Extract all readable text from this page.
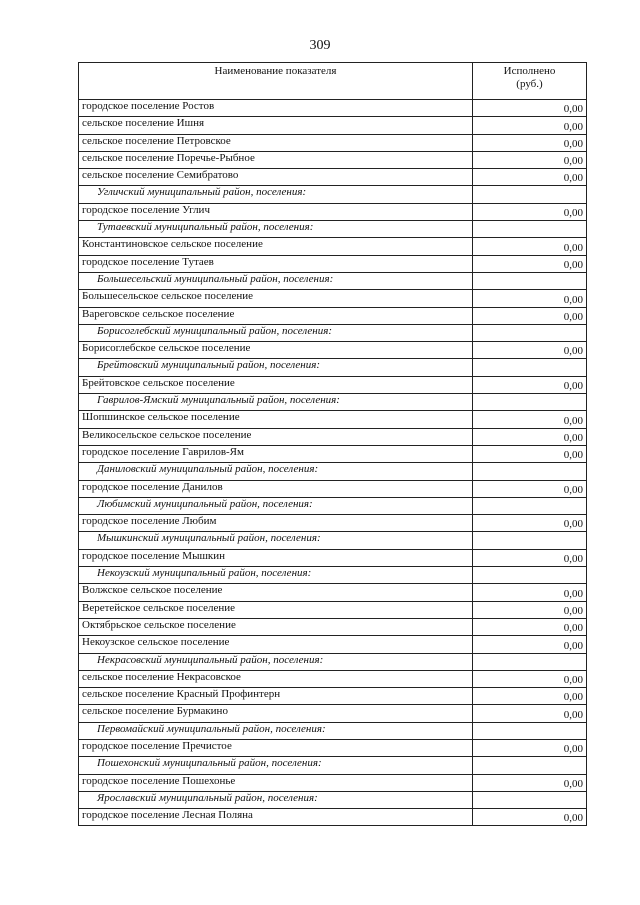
309
Наименование показателя	Исполнено
(руб.)
городское поселение Ростов	0,00
сельское поселение Ишня	0,00
сельское поселение Петровское	0,00
сельское поселение Поречье-Рыбное	0,00
сельское поселение Семибратово	0,00
Угличский муниципальный район, поселения:	
городское поселение Углич	0,00
Тутаевский муниципальный район, поселения:	
Константиновское сельское поселение	0,00
городское поселение Тутаев	0,00
Большесельский муниципальный район, поселения:	
Большесельское сельское поселение	0,00
Вареговское сельское поселение	0,00
Борисоглебский муниципальный район, поселения:	
Борисоглебское сельское поселение	0,00
Брейтовский муниципальный район, поселения:	
Брейтовское сельское поселение	0,00
Гаврилов-Ямский муниципальный район, поселения:	
Шопшинское сельское поселение	0,00
Великосельское сельское поселение	0,00
городское поселение Гаврилов-Ям	0,00
Даниловский муниципальный район, поселения:	
городское поселение Данилов	0,00
Любимский муниципальный район, поселения:	
городское поселение Любим	0,00
Мышкинский муниципальный район, поселения:	
городское поселение Мышкин	0,00
Некоузский муниципальный район, поселения:	
Волжское сельское поселение	0,00
Веретейское сельское поселение	0,00
Октябрьское сельское поселение	0,00
Некоузское сельское поселение	0,00
Некрасовский муниципальный район, поселения:	
сельское поселение Некрасовское	0,00
сельское поселение Красный Профинтерн	0,00
сельское поселение Бурмакино	0,00
Первомайский муниципальный район, поселения:	
городское поселение Пречистое	0,00
Пошехонский муниципальный район, поселения:	
городское поселение Пошехонье	0,00
Ярославский муниципальный район, поселения:	
городское поселение Лесная Поляна	0,00
